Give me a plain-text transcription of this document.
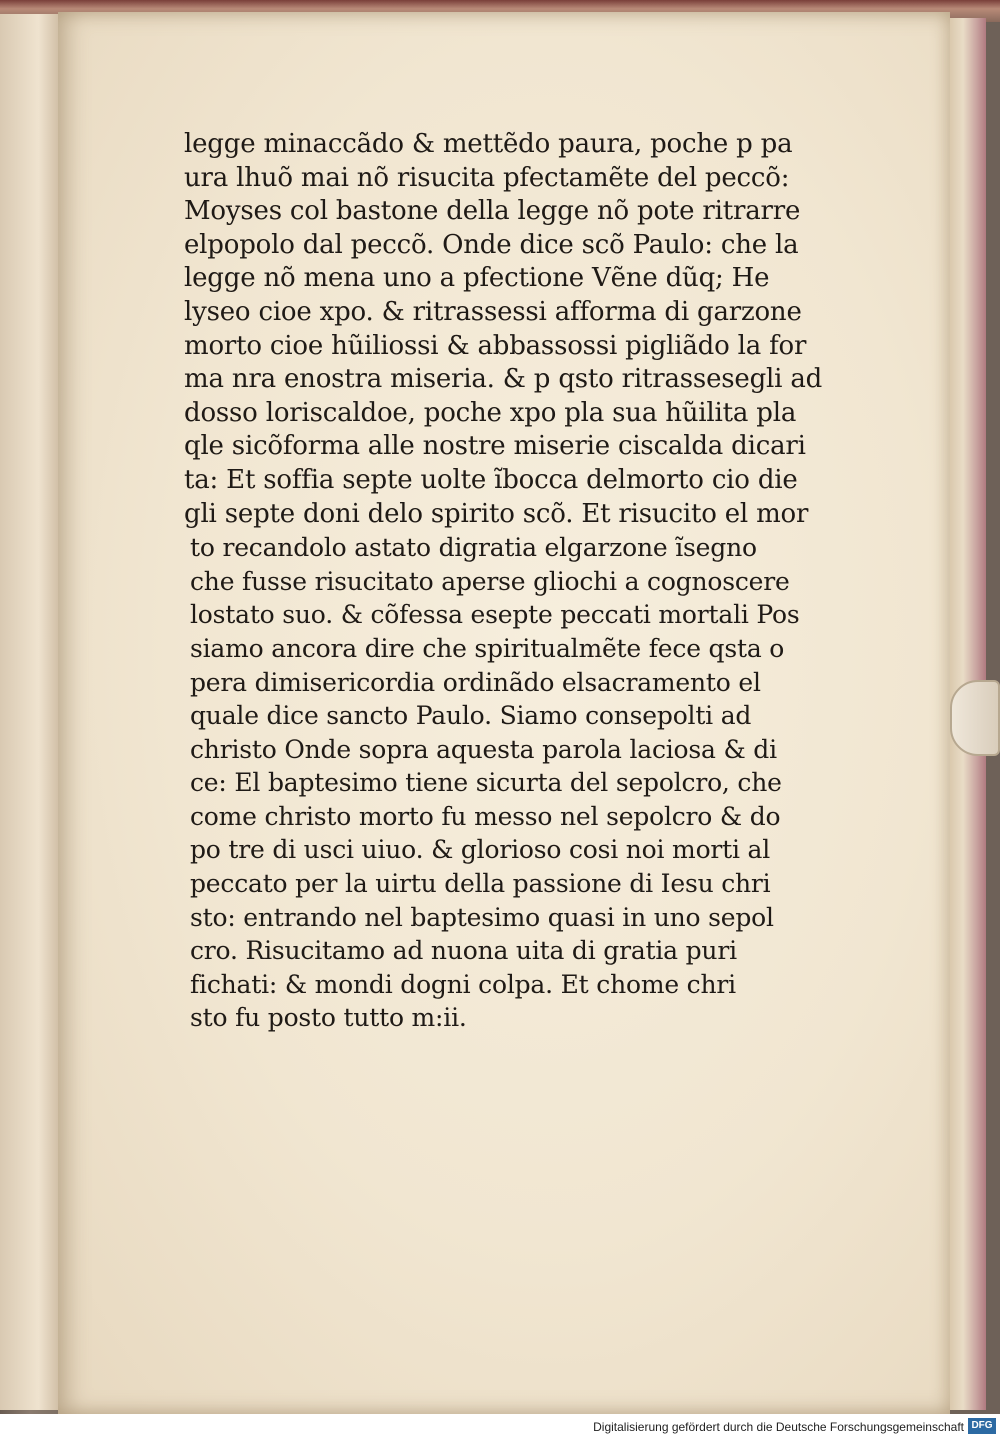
legge minaccãdo & mettẽdo paura, poche p pa
ura lhuõ mai nõ risucita pfectamẽte del peccõ:
Moyses col bastone della legge nõ pote ritrarre
elpopolo dal peccõ. Onde dice scõ Paulo: che la
legge nõ mena uno a pfectione Vẽne dũq; He
lyseo cioe xpo. & ritrassessi afforma di garzone
morto cioe hũiliossi & abbassossi pigliãdo la for
ma nra enostra miseria. & p qsto ritrassesegli ad
dosso loriscaldoe, poche xpo pla sua hũilita pla
qle sicõforma alle nostre miserie ciscalda dicari
ta: Et soffia septe uolte ĩbocca delmorto cio die
gli septe doni delo spirito scõ. Et risucito el mor
to recandolo astato digratia elgarzone ĩsegno
che fusse risucitato aperse gliochi a cognoscere
lostato suo. & cõfessa esepte peccati mortali Pos
siamo ancora dire che spiritualmẽte fece qsta o
pera dimisericordia ordinãdo elsacramento el
quale dice sancto Paulo. Siamo consepolti ad
christo Onde sopra aquesta parola laciosa & di
ce: El baptesimo tiene sicurta del sepolcro, che
come christo morto fu messo nel sepolcro & do
po tre di usci uiuo. & glorioso cosi noi morti al
peccato per la uirtu della passione di Iesu chri
sto: entrando nel baptesimo quasi in uno sepol
cro. Risucitamo ad nuona uita di gratia puri
fichati: & mondi dogni colpa. Et chome chri
sto fu posto tutto m:ii.
Digitalisierung gefördert durch die Deutsche Forschungsgemeinschaft DFG
